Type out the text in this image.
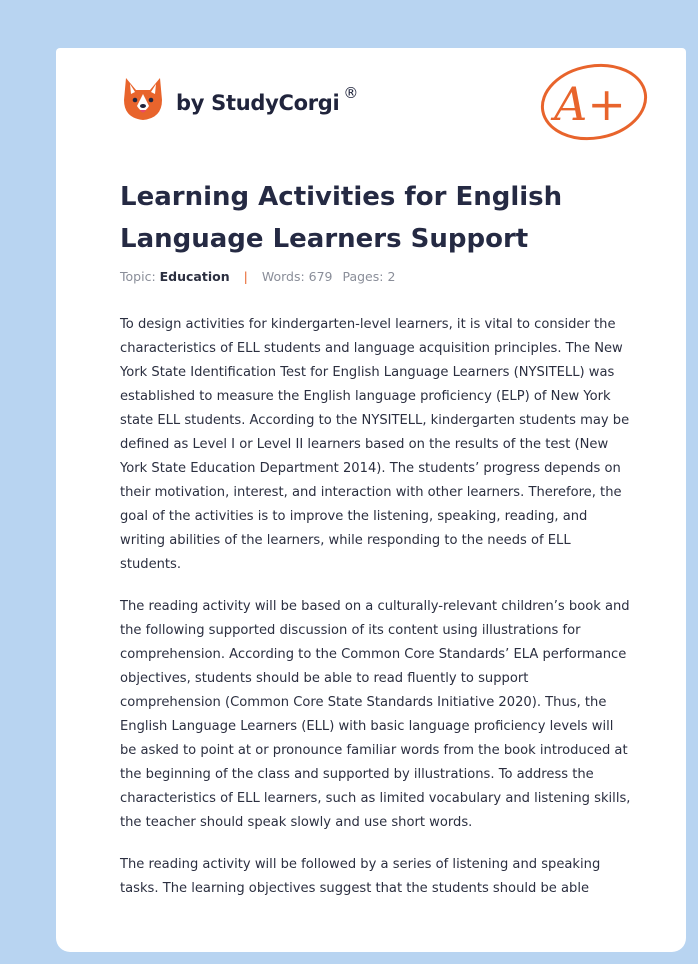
by StudyCorgi ®	A+
Learning Activities for English Language Learners Support
Topic: Education | Words: 679 Pages: 2

To design activities for kindergarten-level learners, it is vital to consider the characteristics of ELL students and language acquisition principles. The New York State Identification Test for English Language Learners (NYSITELL) was established to measure the English language proficiency (ELP) of New York state ELL students. According to the NYSITELL, kindergarten students may be defined as Level I or Level II learners based on the results of the test (New York State Education Department 2014). The students’ progress depends on their motivation, interest, and interaction with other learners. Therefore, the goal of the activities is to improve the listening, speaking, reading, and writing abilities of the learners, while responding to the needs of ELL students.

The reading activity will be based on a culturally-relevant children’s book and the following supported discussion of its content using illustrations for comprehension. According to the Common Core Standards’ ELA performance objectives, students should be able to read fluently to support comprehension (Common Core State Standards Initiative 2020). Thus, the English Language Learners (ELL) with basic language proficiency levels will be asked to point at or pronounce familiar words from the book introduced at the beginning of the class and supported by illustrations. To address the characteristics of ELL learners, such as limited vocabulary and listening skills, the teacher should speak slowly and use short words.

The reading activity will be followed by a series of listening and speaking tasks. The learning objectives suggest that the students should be able
